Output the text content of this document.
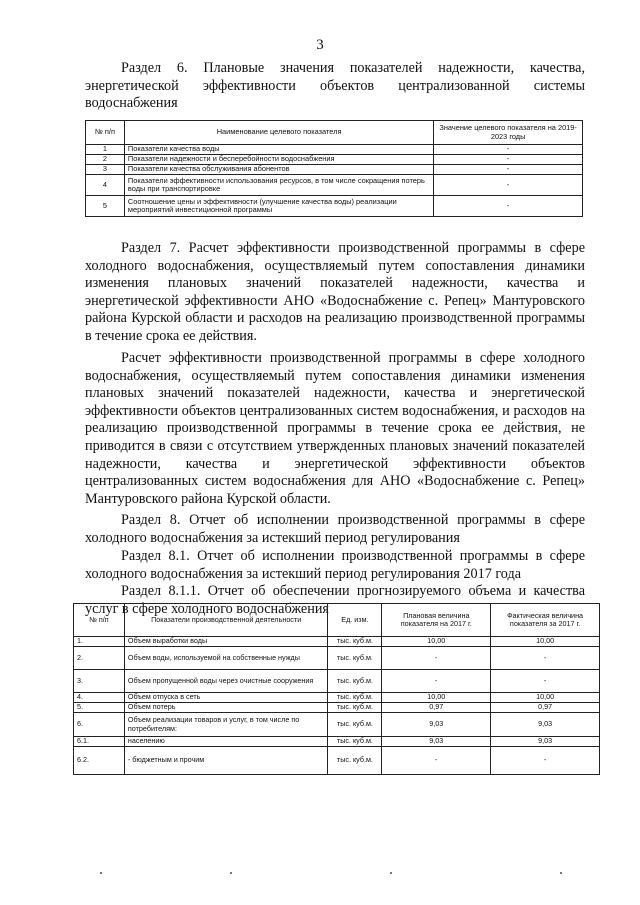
3

Раздел 6. Плановые значения показателей надежности, качества, энергетической эффективности объектов централизованной системы водоснабжения

№ п/п	Наименование целевого показателя	Значение целевого показателя на 2019-2023 годы
1	Показатели качества воды	-
2	Показатели надежности и бесперебойности водоснабжения	-
3	Показатели качества обслуживания абонентов	-
4	Показатели эффективности использования ресурсов, в том числе сокращения потерь воды при транспортировке	-
5	Соотношение цены и эффективности (улучшение качества воды) реализации мероприятий инвестиционной программы	-

Раздел 7. Расчет эффективности производственной программы в сфере холодного водоснабжения, осуществляемый путем сопоставления динамики изменения плановых значений показателей надежности, качества и энергетической эффективности АНО «Водоснабжение с. Репец» Мантуровского района Курской области и расходов на реализацию производственной программы в течение срока ее действия.

Расчет эффективности производственной программы в сфере холодного водоснабжения, осуществляемый путем сопоставления динамики изменения плановых значений показателей надежности, качества и энергетической эффективности объектов централизованных систем водоснабжения, и расходов на реализацию производственной программы в течение срока ее действия, не приводится в связи с отсутствием утвержденных плановых значений показателей надежности, качества и энергетической эффективности объектов централизованных систем водоснабжения для АНО «Водоснабжение с. Репец» Мантуровского района Курской области.

Раздел 8. Отчет об исполнении производственной программы в сфере холодного водоснабжения за истекший период регулирования

Раздел 8.1. Отчет об исполнении производственной программы в сфере холодного водоснабжения за истекший период регулирования 2017 года

Раздел 8.1.1. Отчет об обеспечении прогнозируемого объема и качества услуг в сфере холодного водоснабжения

№ п/п	Показатели производственной деятельности	Ед. изм.	Плановая величина показателя на 2017 г.	Фактическая величина показателя за 2017 г.
1.	Объем выработки воды	тыс. куб.м.	10,00	10,00
2.	Объем воды, используемой на собственные нужды	тыс. куб.м.	-	-
3.	Объем пропущенной воды через очистные сооружения	тыс. куб.м.	-	-
4.	Объем отпуска в сеть	тыс. куб.м.	10,00	10,00
5.	Объем потерь	тыс. куб.м.	0,97	0,97
6.	Объем реализации товаров и услуг, в том числе по потребителям:	тыс. куб.м.	9,03	9,03
6.1.	населению	тыс. куб.м.	9,03	9,03
6.2.	- бюджетным и прочим	тыс. куб.м.	-	-
